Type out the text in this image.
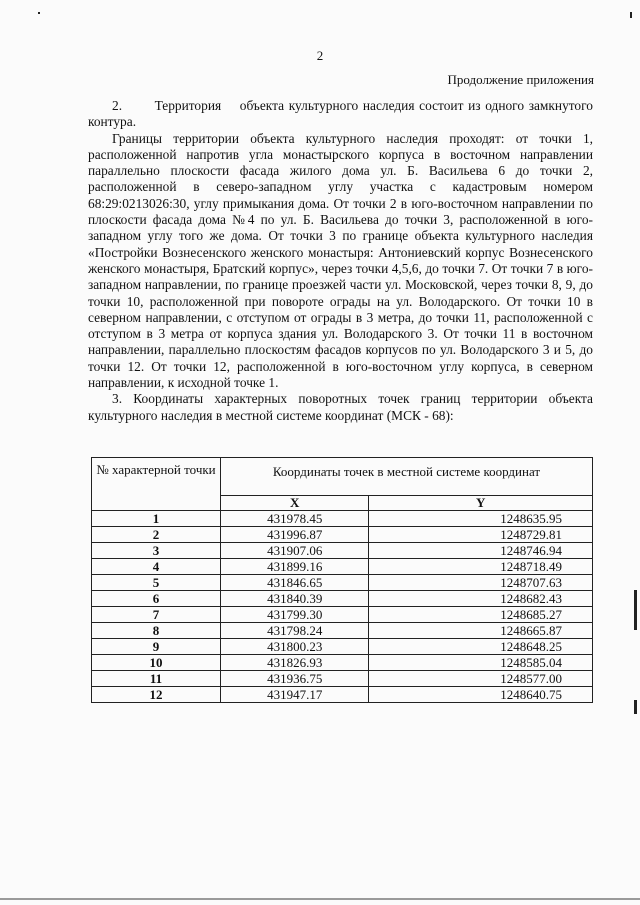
2
Продолжение приложения

2.       Территория    объекта культурного наследия состоит из одного замкнутого контура.

Границы территории объекта культурного наследия проходят: от точки 1, расположенной напротив угла монастырского корпуса в восточном направлении параллельно плоскости фасада жилого дома ул. Б. Васильева 6 до точки 2, расположенной в северо-западном углу участка с кадастровым номером 68:29:0213026:30, углу примыкания дома. От точки 2 в юго-восточном направлении по плоскости фасада дома №4 по ул. Б. Васильева до точки 3, расположенной в юго-западном углу того же дома. От точки 3 по границе объекта культурного наследия «Постройки Вознесенского женского монастыря: Антониевский корпус Вознесенского женского монастыря, Братский корпус», через точки 4,5,6, до точки 7. От точки 7 в юго- западном направлении, по границе проезжей части ул. Московской, через точки 8, 9, до точки 10, расположенной при повороте ограды на ул. Володарского. От точки 10 в северном направлении, с отступом от ограды в 3 метра, до точки 11, расположенной с отступом в 3 метра от корпуса здания ул. Володарского 3. От точки 11 в восточном направлении, параллельно плоскостям фасадов корпусов по ул. Володарского 3 и 5, до точки 12. От точки 12, расположенной в юго-восточном углу корпуса, в северном направлении, к исходной точке 1.

3. Координаты характерных поворотных точек границ территории объекта культурного наследия в местной системе координат (МСК - 68):

№ характерной точки	Координаты точек в местной системе координат	
	X	Y
1	431978.45	1248635.95
2	431996.87	1248729.81
3	431907.06	1248746.94
4	431899.16	1248718.49
5	431846.65	1248707.63
6	431840.39	1248682.43
7	431799.30	1248685.27
8	431798.24	1248665.87
9	431800.23	1248648.25
10	431826.93	1248585.04
11	431936.75	1248577.00
12	431947.17	1248640.75
